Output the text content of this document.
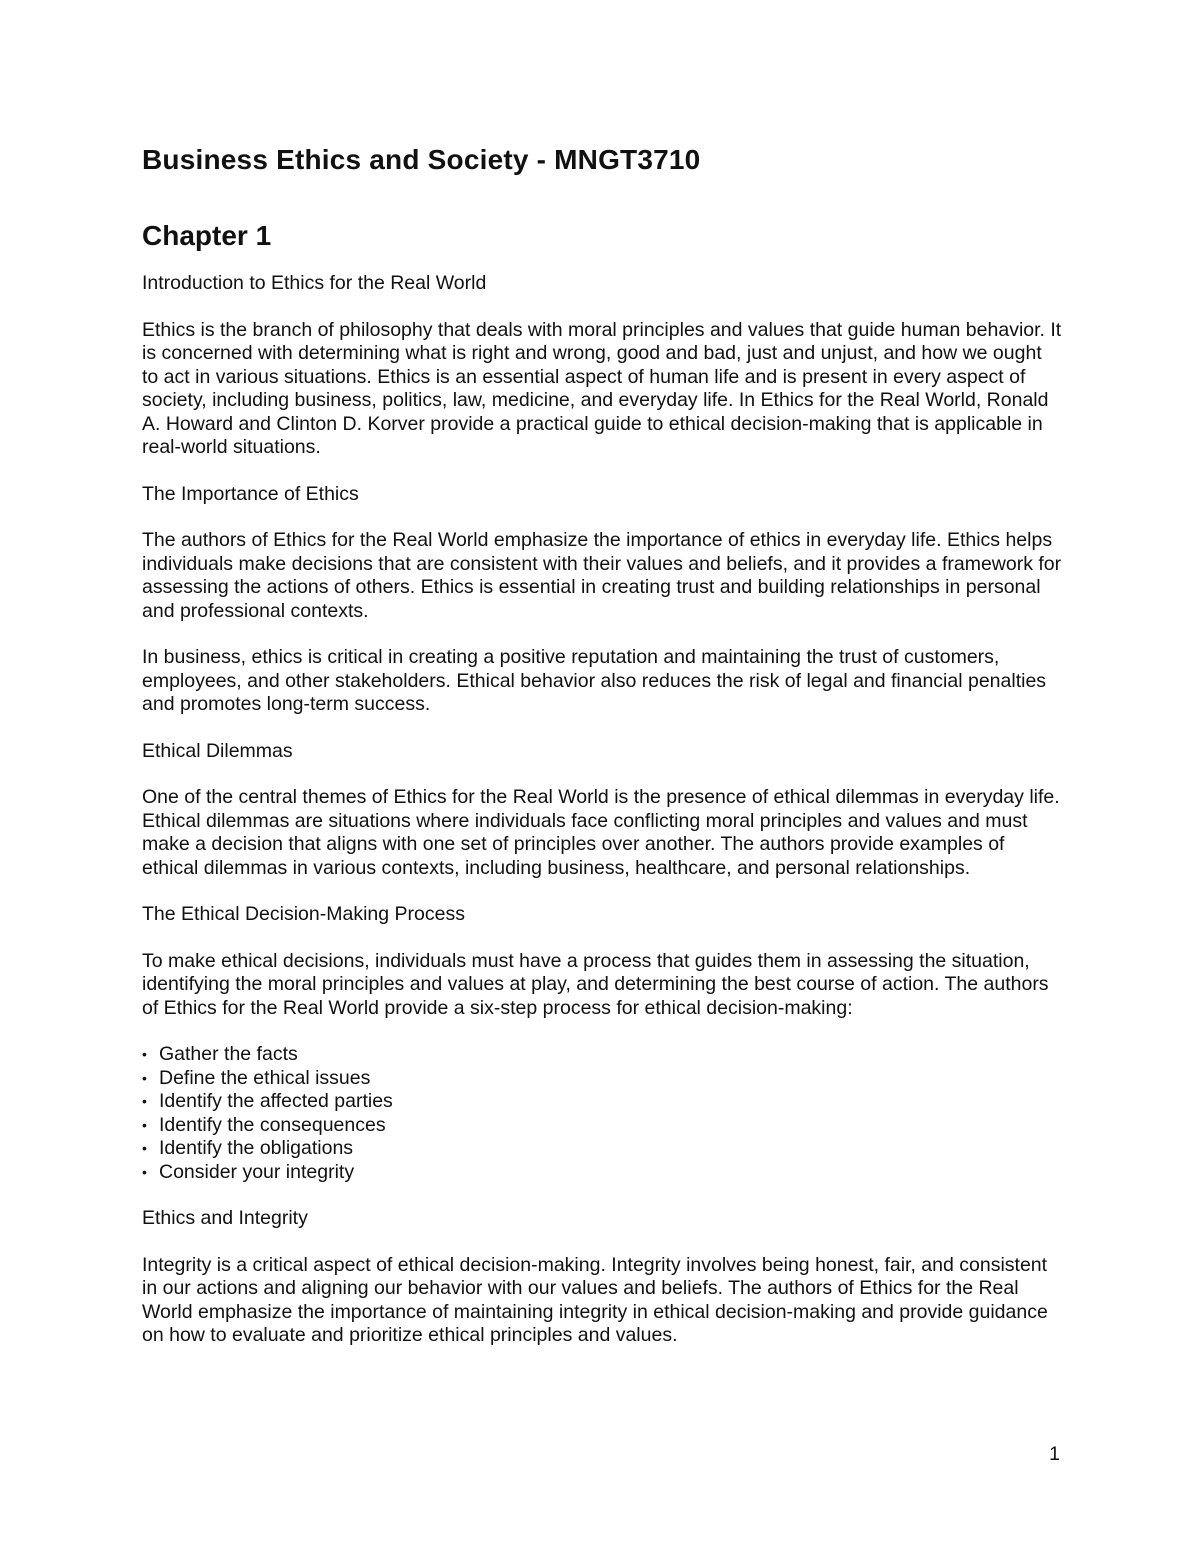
Business Ethics and Society - MNGT3710
Chapter 1
Introduction to Ethics for the Real World
Ethics is the branch of philosophy that deals with moral principles and values that guide human behavior. It is concerned with determining what is right and wrong, good and bad, just and unjust, and how we ought to act in various situations. Ethics is an essential aspect of human life and is present in every aspect of society, including business, politics, law, medicine, and everyday life. In Ethics for the Real World, Ronald A. Howard and Clinton D. Korver provide a practical guide to ethical decision-making that is applicable in real-world situations.
The Importance of Ethics
The authors of Ethics for the Real World emphasize the importance of ethics in everyday life. Ethics helps individuals make decisions that are consistent with their values and beliefs, and it provides a framework for assessing the actions of others. Ethics is essential in creating trust and building relationships in personal and professional contexts.
In business, ethics is critical in creating a positive reputation and maintaining the trust of customers, employees, and other stakeholders. Ethical behavior also reduces the risk of legal and financial penalties and promotes long-term success.
Ethical Dilemmas
One of the central themes of Ethics for the Real World is the presence of ethical dilemmas in everyday life. Ethical dilemmas are situations where individuals face conflicting moral principles and values and must make a decision that aligns with one set of principles over another. The authors provide examples of ethical dilemmas in various contexts, including business, healthcare, and personal relationships.
The Ethical Decision-Making Process
To make ethical decisions, individuals must have a process that guides them in assessing the situation, identifying the moral principles and values at play, and determining the best course of action. The authors of Ethics for the Real World provide a six-step process for ethical decision-making:
• Gather the facts
• Define the ethical issues
• Identify the affected parties
• Identify the consequences
• Identify the obligations
• Consider your integrity
Ethics and Integrity
Integrity is a critical aspect of ethical decision-making. Integrity involves being honest, fair, and consistent in our actions and aligning our behavior with our values and beliefs. The authors of Ethics for the Real World emphasize the importance of maintaining integrity in ethical decision-making and provide guidance on how to evaluate and prioritize ethical principles and values.
1
